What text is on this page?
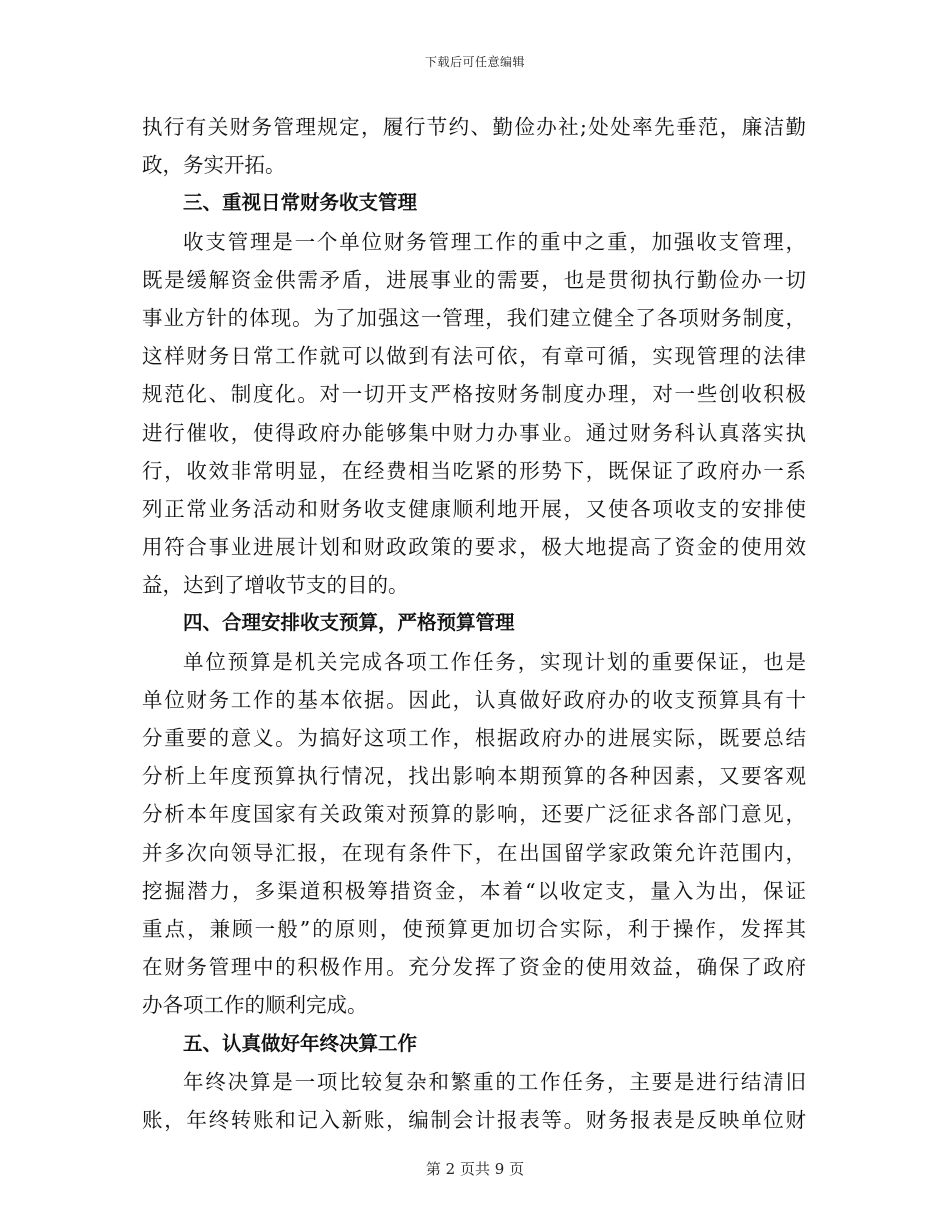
下载后可任意编辑
执行有关财务管理规定，履行节约、勤俭办社;处处率先垂范，廉洁勤
政，务实开拓。
三、重视日常财务收支管理
收支管理是一个单位财务管理工作的重中之重，加强收支管理，
既是缓解资金供需矛盾，进展事业的需要，也是贯彻执行勤俭办一切
事业方针的体现。为了加强这一管理，我们建立健全了各项财务制度，
这样财务日常工作就可以做到有法可依，有章可循，实现管理的法律
规范化、制度化。对一切开支严格按财务制度办理，对一些创收积极
进行催收，使得政府办能够集中财力办事业。通过财务科认真落实执
行，收效非常明显，在经费相当吃紧的形势下，既保证了政府办一系
列正常业务活动和财务收支健康顺利地开展，又使各项收支的安排使
用符合事业进展计划和财政政策的要求，极大地提高了资金的使用效
益，达到了增收节支的目的。
四、合理安排收支预算，严格预算管理
单位预算是机关完成各项工作任务，实现计划的重要保证，也是
单位财务工作的基本依据。因此，认真做好政府办的收支预算具有十
分重要的意义。为搞好这项工作，根据政府办的进展实际，既要总结
分析上年度预算执行情况，找出影响本期预算的各种因素，又要客观
分析本年度国家有关政策对预算的影响，还要广泛征求各部门意见，
并多次向领导汇报，在现有条件下，在出国留学家政策允许范围内，
挖掘潜力，多渠道积极筹措资金，本着“以收定支，量入为出，保证
重点，兼顾一般”的原则，使预算更加切合实际，利于操作，发挥其
在财务管理中的积极作用。充分发挥了资金的使用效益，确保了政府
办各项工作的顺利完成。
五、认真做好年终决算工作
年终决算是一项比较复杂和繁重的工作任务，主要是进行结清旧
账，年终转账和记入新账，编制会计报表等。财务报表是反映单位财
第 2 页共 9 页
